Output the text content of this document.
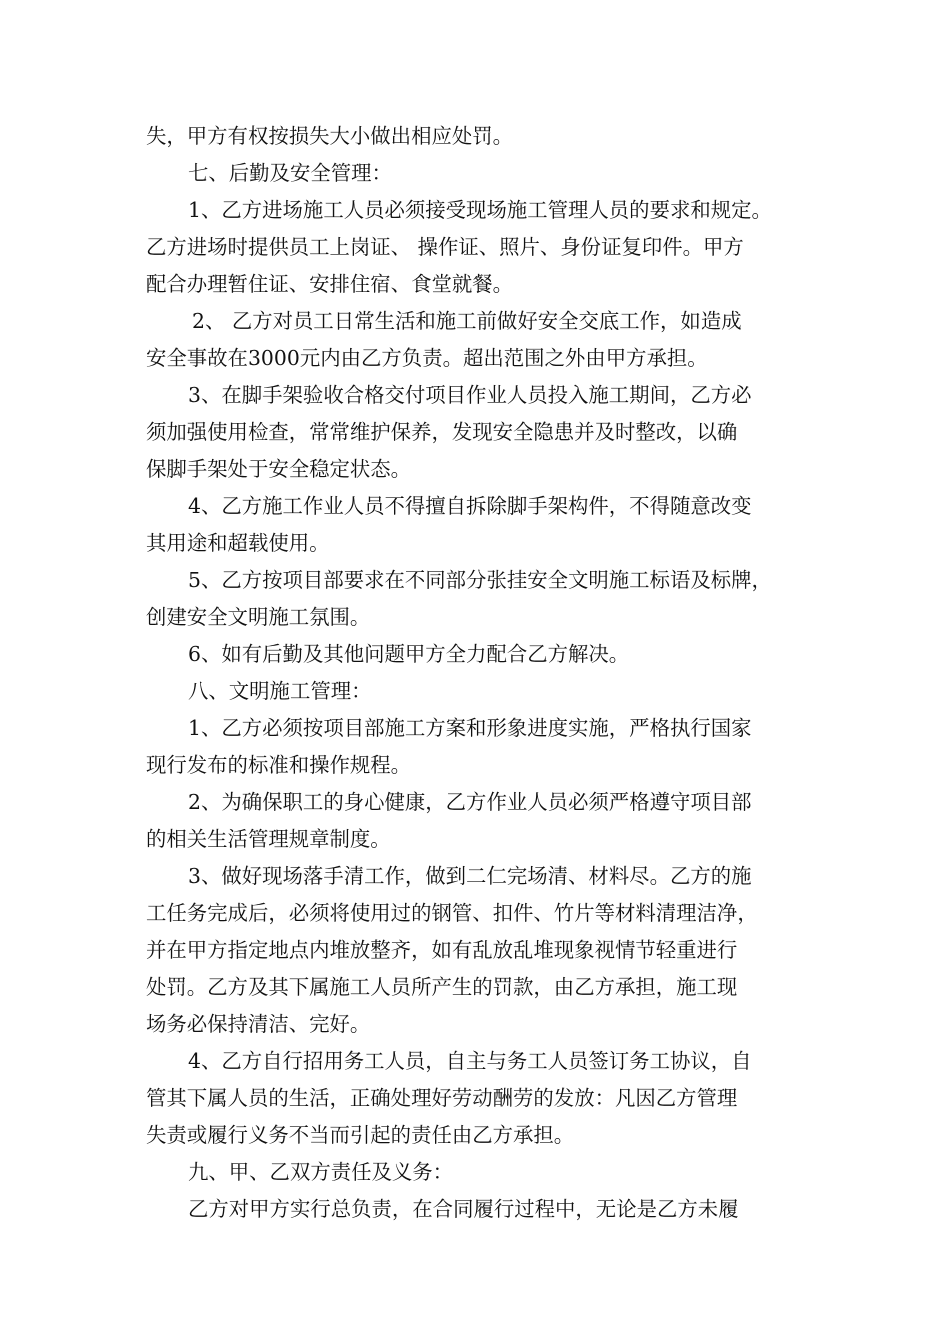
失，甲方有权按损失大小做出相应处罚。
七、后勤及安全管理：
1、乙方进场施工人员必须接受现场施工管理人员的要求和规定。
乙方进场时提供员工上岗证、 操作证、照片、身份证复印件。甲方
配合办理暂住证、安排住宿、食堂就餐。
2、 乙方对员工日常生活和施工前做好安全交底工作，如造成
安全事故在3000元内由乙方负责。超出范围之外由甲方承担。
3、在脚手架验收合格交付项目作业人员投入施工期间，乙方必
须加强使用检查，常常维护保养，发现安全隐患并及时整改，以确
保脚手架处于安全稳定状态。
4、乙方施工作业人员不得擅自拆除脚手架构件，不得随意改变
其用途和超载使用。
5、乙方按项目部要求在不同部分张挂安全文明施工标语及标牌，
创建安全文明施工氛围。
6、如有后勤及其他问题甲方全力配合乙方解决。
八、文明施工管理：
1、乙方必须按项目部施工方案和形象进度实施，严格执行国家
现行发布的标准和操作规程。
2、为确保职工的身心健康，乙方作业人员必须严格遵守项目部
的相关生活管理规章制度。
3、做好现场落手清工作，做到二仁完场清、材料尽。乙方的施
工任务完成后，必须将使用过的钢管、扣件、竹片等材料清理洁净，
并在甲方指定地点内堆放整齐，如有乱放乱堆现象视情节轻重进行
处罚。乙方及其下属施工人员所产生的罚款，由乙方承担，施工现
场务必保持清洁、完好。
4、乙方自行招用务工人员，自主与务工人员签订务工协议，自
管其下属人员的生活，正确处理好劳动酬劳的发放：凡因乙方管理
失责或履行义务不当而引起的责任由乙方承担。
九、甲、乙双方责任及义务：
乙方对甲方实行总负责，在合同履行过程中，无论是乙方未履
